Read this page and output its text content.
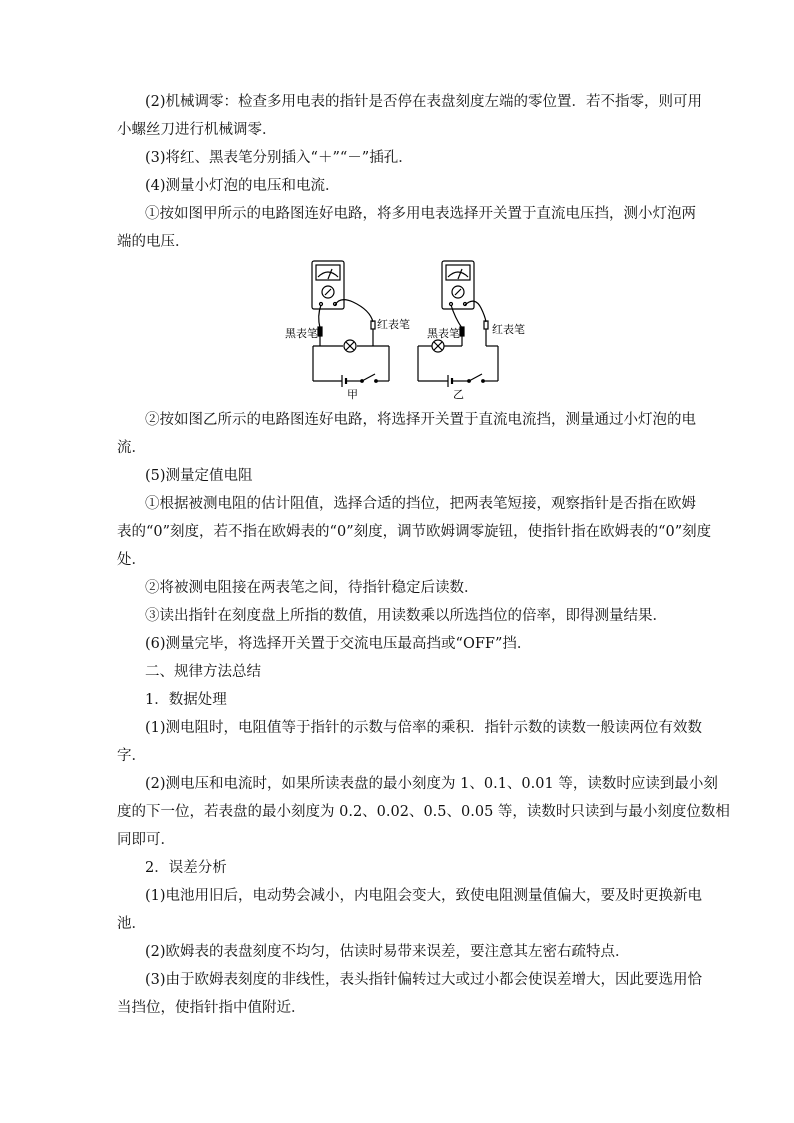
(2)机械调零：检查多用电表的指针是否停在表盘刻度左端的零位置．若不指零，则可用
小螺丝刀进行机械调零．
(3)将红、黑表笔分别插入“＋”“－”插孔．
(4)测量小灯泡的电压和电流．
①按如图甲所示的电路图连好电路，将多用电表选择开关置于直流电压挡，测小灯泡两
端的电压．
黑表笔
红表笔
甲
黑表笔	红表笔
乙
②按如图乙所示的电路图连好电路，将选择开关置于直流电流挡，测量通过小灯泡的电
流．
(5)测量定值电阻
①根据被测电阻的估计阻值，选择合适的挡位，把两表笔短接，观察指针是否指在欧姆
表的“0”刻度，若不指在欧姆表的“0”刻度，调节欧姆调零旋钮，使指针指在欧姆表的“0”刻度
处．
②将被测电阻接在两表笔之间，待指针稳定后读数．
③读出指针在刻度盘上所指的数值，用读数乘以所选挡位的倍率，即得测量结果．
(6)测量完毕，将选择开关置于交流电压最高挡或“OFF”挡．
二、规律方法总结
1．数据处理
(1)测电阻时，电阻值等于指针的示数与倍率的乘积．指针示数的读数一般读两位有效数
字．
(2)测电压和电流时，如果所读表盘的最小刻度为 1、0.1、0.01 等，读数时应读到最小刻
度的下一位，若表盘的最小刻度为 0.2、0.02、0.5、0.05 等，读数时只读到与最小刻度位数相
同即可．
2．误差分析
(1)电池用旧后，电动势会减小，内电阻会变大，致使电阻测量值偏大，要及时更换新电
池．
(2)欧姆表的表盘刻度不均匀，估读时易带来误差，要注意其左密右疏特点．
(3)由于欧姆表刻度的非线性，表头指针偏转过大或过小都会使误差增大，因此要选用恰
当挡位，使指针指中值附近．
